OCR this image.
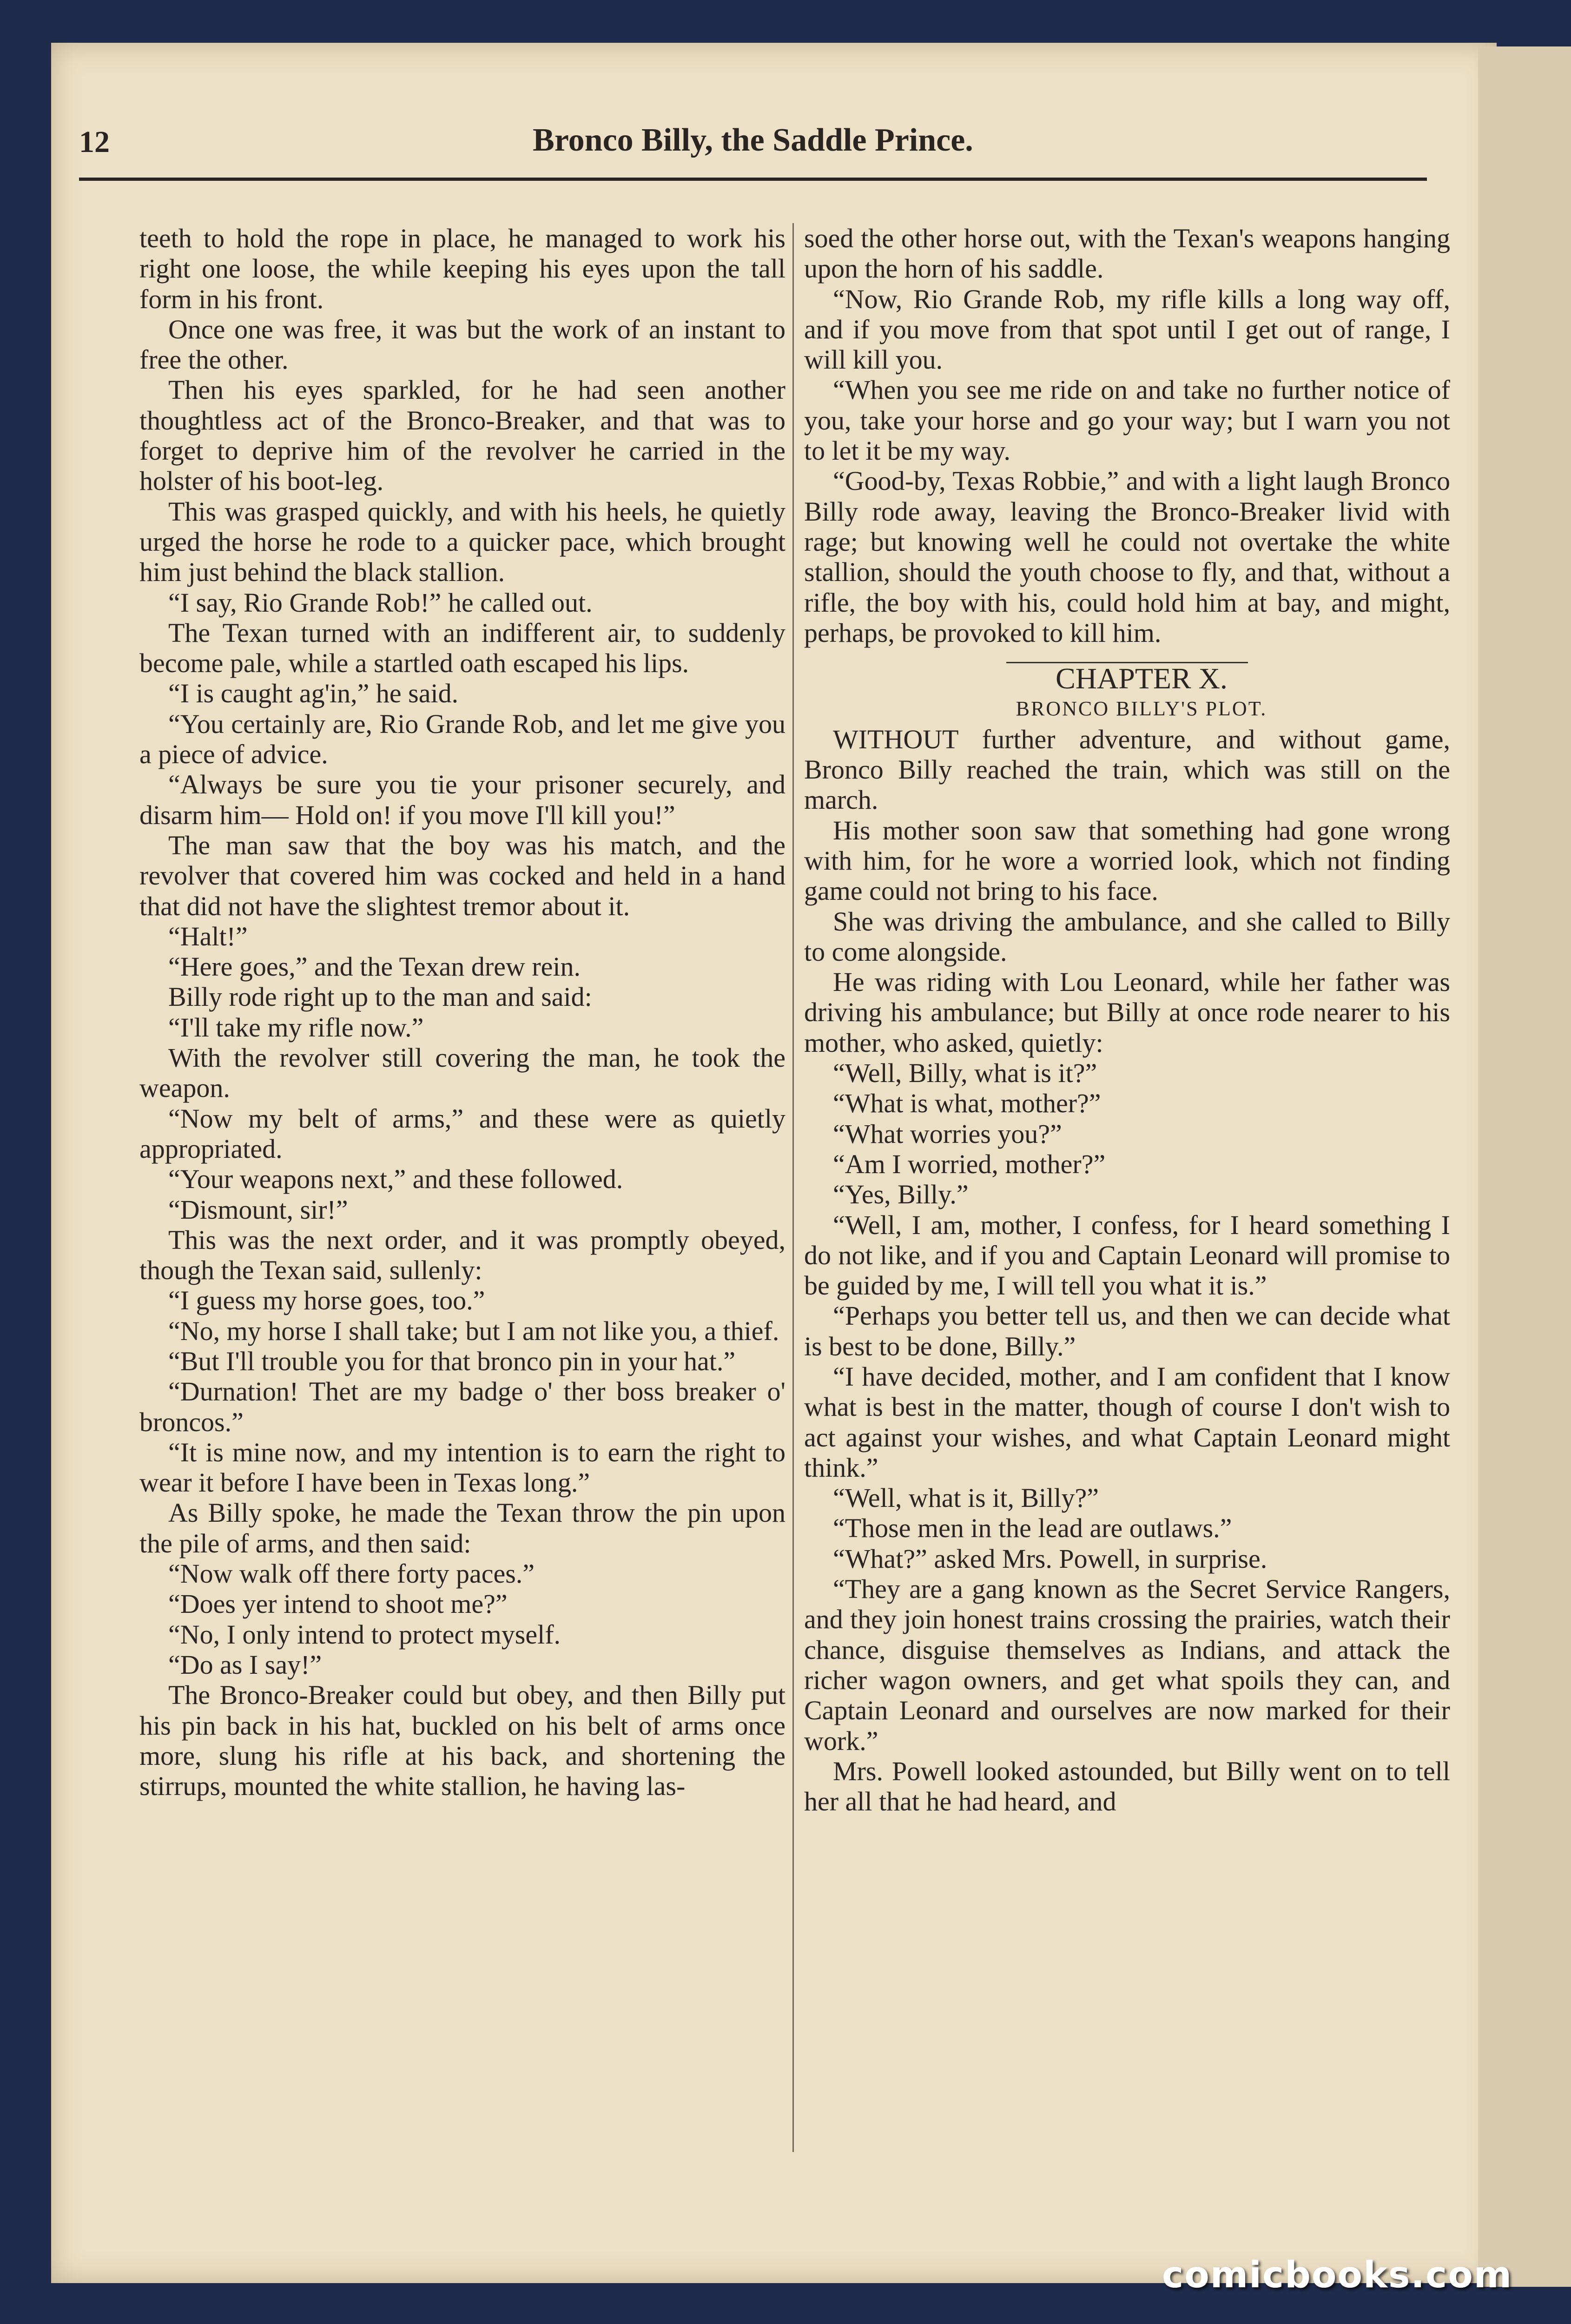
12	Bronco Billy, the Saddle Prince.

teeth to hold the rope in place, he managed to work his right one loose, the while keeping his eyes upon the tall form in his front.

Once one was free, it was but the work of an instant to free the other.

Then his eyes sparkled, for he had seen another thoughtless act of the Bronco-Breaker, and that was to forget to deprive him of the revolver he carried in the holster of his boot-leg.

This was grasped quickly, and with his heels, he quietly urged the horse he rode to a quicker pace, which brought him just behind the black stallion.

“I say, Rio Grande Rob!” he called out.

The Texan turned with an indifferent air, to suddenly become pale, while a startled oath escaped his lips.

“I is caught ag'in,” he said.

“You certainly are, Rio Grande Rob, and let me give you a piece of advice.

“Always be sure you tie your prisoner securely, and disarm him— Hold on! if you move I'll kill you!”

The man saw that the boy was his match, and the revolver that covered him was cocked and held in a hand that did not have the slightest tremor about it.

“Halt!”

“Here goes,” and the Texan drew rein.

Billy rode right up to the man and said:

“I'll take my rifle now.”

With the revolver still covering the man, he took the weapon.

“Now my belt of arms,” and these were as quietly appropriated.

“Your weapons next,” and these followed.

“Dismount, sir!”

This was the next order, and it was promptly obeyed, though the Texan said, sullenly:

“I guess my horse goes, too.”

“No, my horse I shall take; but I am not like you, a thief.

“But I'll trouble you for that bronco pin in your hat.”

“Durnation! Thet are my badge o' ther boss breaker o' broncos.”

“It is mine now, and my intention is to earn the right to wear it before I have been in Texas long.”

As Billy spoke, he made the Texan throw the pin upon the pile of arms, and then said:

“Now walk off there forty paces.”

“Does yer intend to shoot me?”

“No, I only intend to protect myself.

“Do as I say!”

The Bronco-Breaker could but obey, and then Billy put his pin back in his hat, buckled on his belt of arms once more, slung his rifle at his back, and shortening the stirrups, mounted the white stallion, he having las-

soed the other horse out, with the Texan's weapons hanging upon the horn of his saddle.

“Now, Rio Grande Rob, my rifle kills a long way off, and if you move from that spot until I get out of range, I will kill you.

“When you see me ride on and take no further notice of you, take your horse and go your way; but I warn you not to let it be my way.

“Good-by, Texas Robbie,” and with a light laugh Bronco Billy rode away, leaving the Bronco-Breaker livid with rage; but knowing well he could not overtake the white stallion, should the youth choose to fly, and that, without a rifle, the boy with his, could hold him at bay, and might, perhaps, be provoked to kill him.

CHAPTER X.

BRONCO BILLY'S PLOT.

WITHOUT further adventure, and without game, Bronco Billy reached the train, which was still on the march.

His mother soon saw that something had gone wrong with him, for he wore a worried look, which not finding game could not bring to his face.

She was driving the ambulance, and she called to Billy to come alongside.

He was riding with Lou Leonard, while her father was driving his ambulance; but Billy at once rode nearer to his mother, who asked, quietly:

“Well, Billy, what is it?”

“What is what, mother?”

“What worries you?”

“Am I worried, mother?”

“Yes, Billy.”

“Well, I am, mother, I confess, for I heard something I do not like, and if you and Captain Leonard will promise to be guided by me, I will tell you what it is.”

“Perhaps you better tell us, and then we can decide what is best to be done, Billy.”

“I have decided, mother, and I am confident that I know what is best in the matter, though of course I don't wish to act against your wishes, and what Captain Leonard might think.”

“Well, what is it, Billy?”

“Those men in the lead are outlaws.”

“What?” asked Mrs. Powell, in surprise.

“They are a gang known as the Secret Service Rangers, and they join honest trains crossing the prairies, watch their chance, disguise themselves as Indians, and attack the richer wagon owners, and get what spoils they can, and Captain Leonard and ourselves are now marked for their work.”

Mrs. Powell looked astounded, but Billy went on to tell her all that he had heard, and

comicbooks.com
